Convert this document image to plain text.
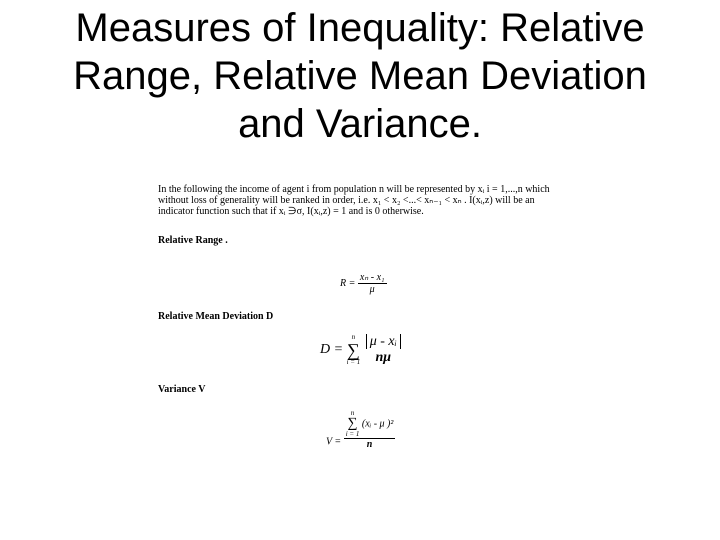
Measures of Inequality: Relative
Range, Relative Mean Deviation
and Variance.

In the following the income of agent i from population n will be represented by xᵢ i = 1,...,n which
without loss of generality will be ranked in order, i.e. x₁ < x₂ <...< xₙ₋₁ < xₙ . I(xᵢ,z) will be an
indicator function such that if xᵢ ∋σ, I(xᵢ,z) = 1 and is 0 otherwise.

Relative Range .
$R = \frac{\text{xₙ - x₁}}{\mu}$
Relative Mean Deviation D
D =
n
∑
i = 1

μ - xᵢ
nμ
Variance V
V = n
∑
i = 1
(xᵢ - μ )²
n
